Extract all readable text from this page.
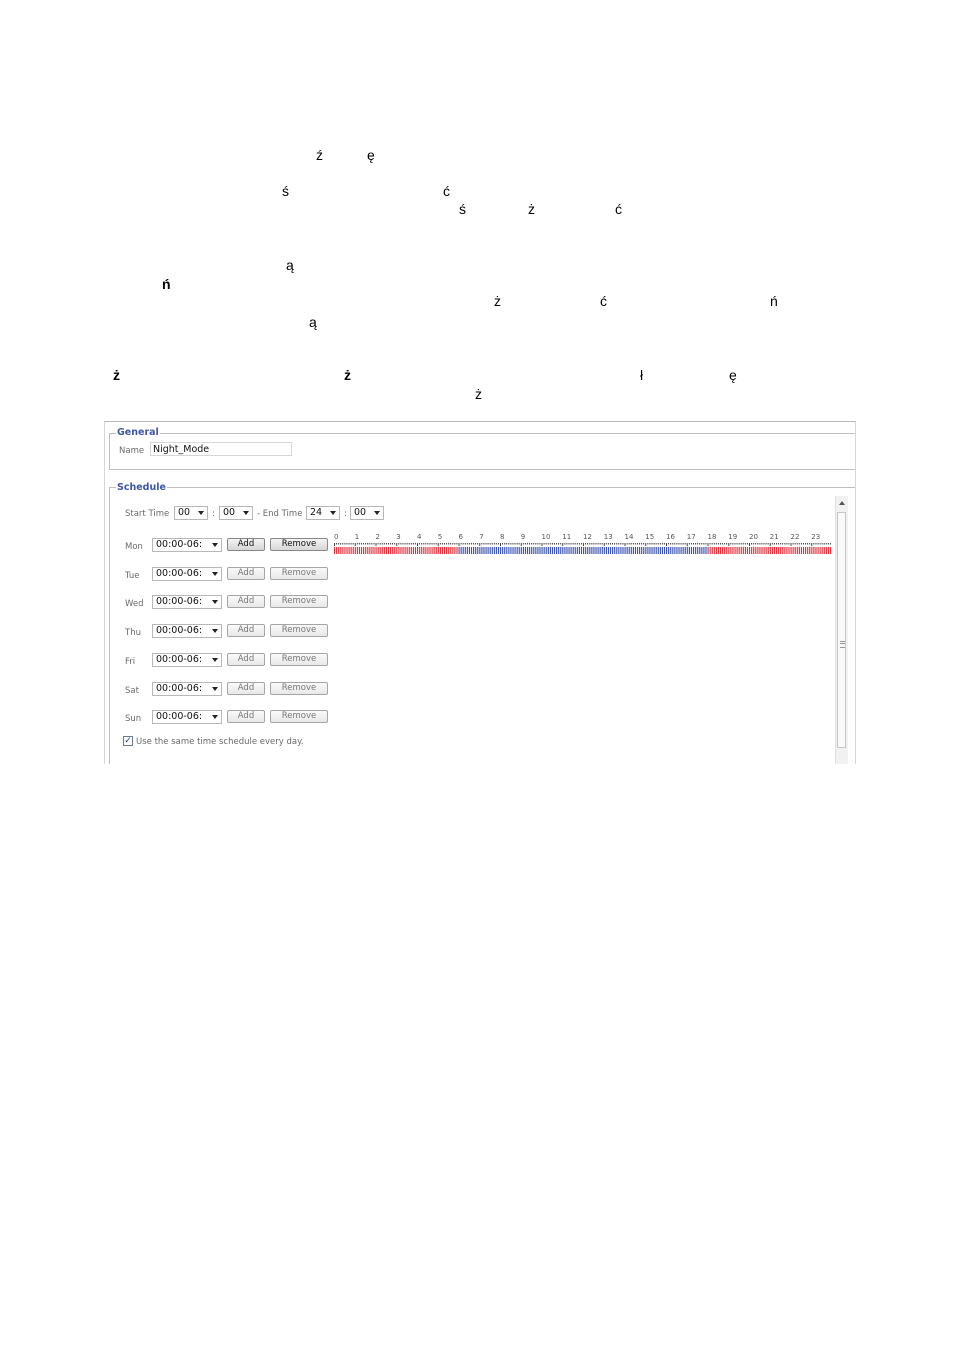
ź	ę
ś	ć
ś	ż	ć
ą
ń
ż	ć	ń
ą
ż	ż	ł	ę
ż
General
Name Night_Mode
Schedule
Start Time 00	: 00	- End Time 24	: 00
Mon	00:00-06:	Add	Remove
Tue	00:00-06:	Add	Remove
Wed	00:00-06:	Add	Remove
Thu	00:00-06:	Add	Remove
Fri	00:00-06:	Add	Remove
Sat	00:00-06:	Add	Remove
Sun	00:00-06:	Add	Remove
0 1 2 3 4 5 6 7 8 9 10 11 12 13 14 15 16 17 18 19 20 21 22 23
✓ Use the same time schedule every day.
